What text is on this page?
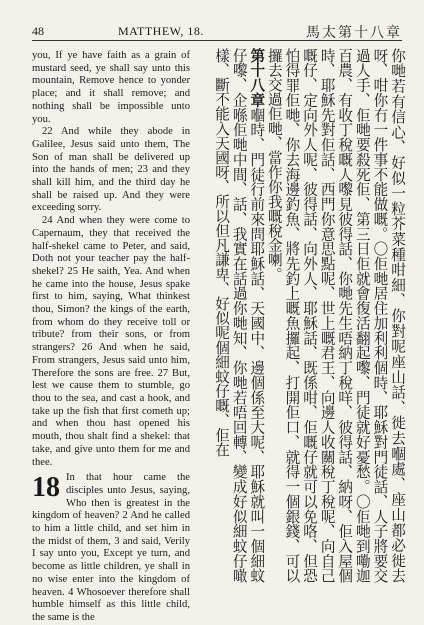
48	MATTHEW, 18.	馬太第十八章

you, If ye have faith as a grain of mustard seed, ye shall say unto this mountain, Remove hence to yonder place; and it shall remove; and nothing shall be impossible unto you.

22 And while they abode in Galilee, Jesus said unto them, The Son of man shall be delivered up into the hands of men; 23 and they shall kill him, and the third day he shall be raised up. And they were exceeding sorry.

24 And when they were come to Capernaum, they that received the half-shekel came to Peter, and said, Doth not your teacher pay the half-shekel? 25 He saith, Yea. And when he came into the house, Jesus spake first to him, saying, What thinkest thou, Simon? the kings of the earth, from whom do they receive toll or tribute? from their sons, or from strangers? 26 And when he said, From strangers, Jesus said unto him, Therefore the sons are free. 27 But, lest we cause them to stumble, go thou to the sea, and cast a hook, and take up the fish that first cometh up; and when thou hast opened his mouth, thou shalt find a shekel: that take, and give unto them for me and thee.

18 In that hour came the disciples unto Jesus, saying, Who then is greatest in the kingdom of heaven? 2 And he called to him a little child, and set him in the midst of them, 3 and said, Verily I say unto you, Except ye turn, and become as little children, ye shall in no wise enter into the kingdom of heaven. 4 Whosoever therefore shall humble himself as this little child, the same is the

你哋若有信心、好似一粒芥菜種咁細、你對呢座山話、徙去嗰處、座山都必徙去呀、咁你冇一件事不能做嘅。〇佢哋居住加利利個時、耶穌對門徒話、人子將要交過人手、佢哋要殺死佢、第三日佢就會復活翻起嚟、門徒就好憂愁。〇佢哋到嘞迦百農、有收丁稅嘅人嚟見彼得話、你哋先生唔納丁稅咩、彼得話、納呀、佢入屋個時、耶穌先對佢話、西門你意思點呢、世上嘅君王、向邊人收關稅丁稅呢、向自己嘅仔、定向外人呢、彼得話、向外人、耶穌話、既係咁、佢嘅仔就可以免咯、但恐怕得罪佢哋、你去海邊釣魚、將先釣上嘅魚攞起、打開佢口、就得一個銀錢、可以攞去交過佢哋、當作你我嘅稅金喇。
第十八章嗰時、門徒行前來問耶穌話、天國中、邊個係至大呢、耶穌就叫一個細蚊仔嚟、企喺佢哋中間、話、我實在話過你哋知、你哋若唔回轉、變成好似細蚊仔噉樣、斷不能入天國呀、所以但凡謙卑、好似呢個細蚊仔嘅、佢在
